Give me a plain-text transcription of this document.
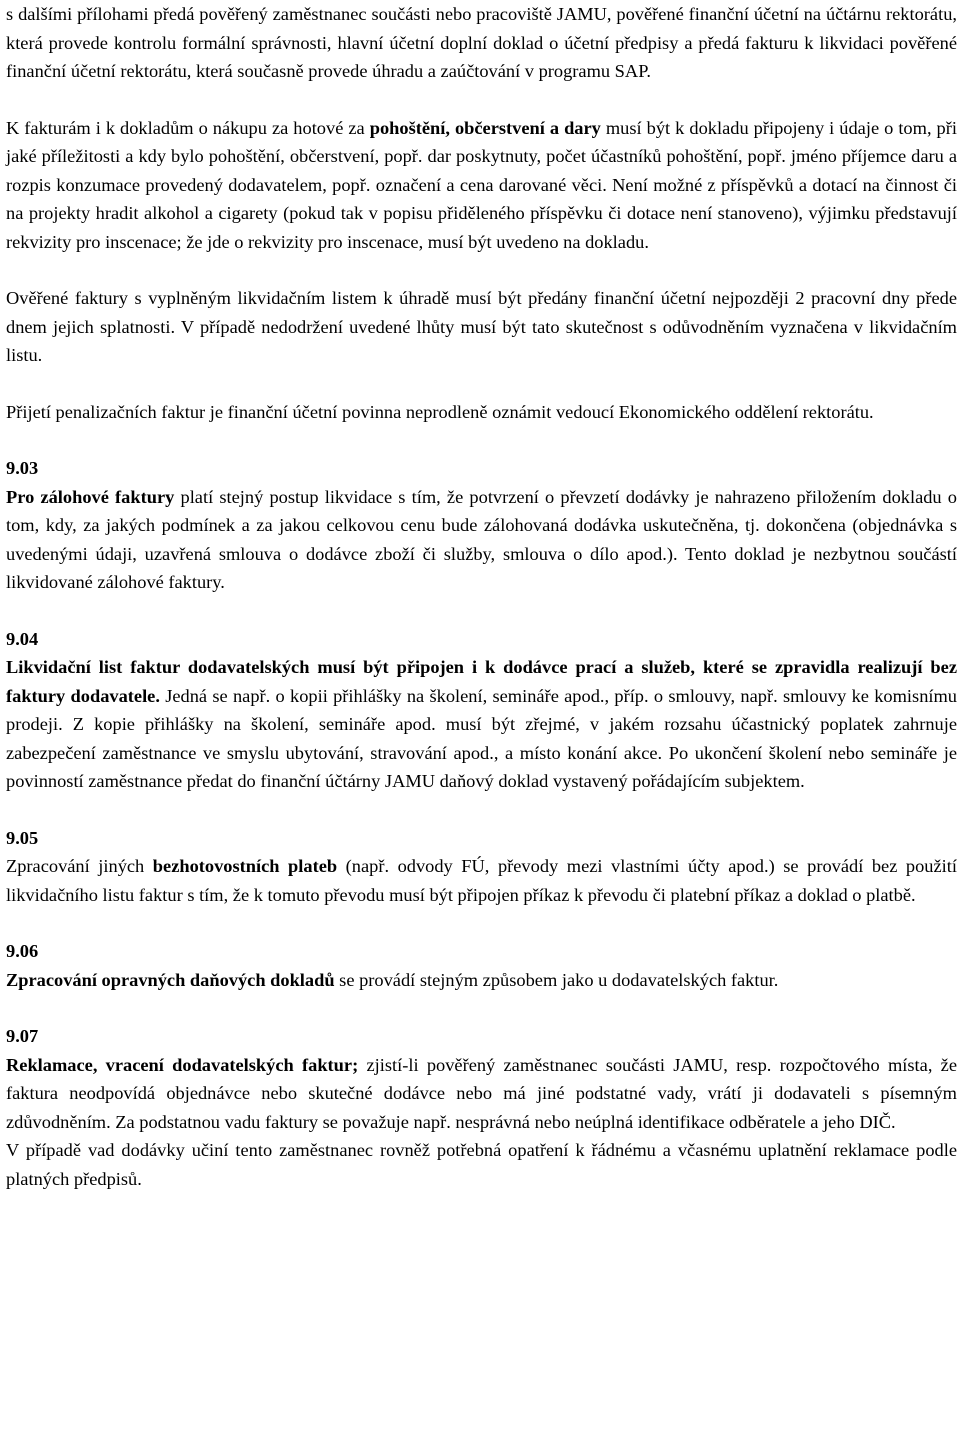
s dalšími přílohami předá pověřený zaměstnanec součásti nebo pracoviště JAMU, pověřené finanční účetní na účtárnu rektorátu, která provede kontrolu formální správnosti, hlavní účetní doplní doklad o účetní předpisy a předá fakturu k likvidaci pověřené finanční účetní rektorátu, která současně provede úhradu a zaúčtování v programu SAP.

K fakturám i k dokladům o nákupu za hotové za pohoštění, občerstvení a dary musí být k dokladu připojeny i údaje o tom, při jaké příležitosti a kdy bylo pohoštění, občerstvení, popř. dar poskytnuty, počet účastníků pohoštění, popř. jméno příjemce daru a rozpis konzumace provedený dodavatelem, popř. označení a cena darované věci. Není možné z příspěvků a dotací na činnost či na projekty hradit alkohol a cigarety (pokud tak v popisu přiděleného příspěvku či dotace není stanoveno), výjimku představují rekvizity pro inscenace; že jde o rekvizity pro inscenace, musí být uvedeno na dokladu.

Ověřené faktury s vyplněným likvidačním listem k úhradě musí být předány finanční účetní nejpozději 2 pracovní dny přede dnem jejich splatnosti. V případě nedodržení uvedené lhůty musí být tato skutečnost s odůvodněním vyznačena v likvidačním listu.

Přijetí penalizačních faktur je finanční účetní povinna neprodleně oznámit vedoucí Ekonomického oddělení rektorátu.

9.03

Pro zálohové faktury platí stejný postup likvidace s tím, že potvrzení o převzetí dodávky je nahrazeno přiložením dokladu o tom, kdy, za jakých podmínek a za jakou celkovou cenu bude zálohovaná dodávka uskutečněna, tj. dokončena (objednávka s uvedenými údaji, uzavřená smlouva o dodávce zboží či služby, smlouva o dílo apod.). Tento doklad je nezbytnou součástí likvidované zálohové faktury.

9.04

Likvidační list faktur dodavatelských musí být připojen i k dodávce prací a služeb, které se zpravidla realizují bez faktury dodavatele. Jedná se např. o kopii přihlášky na školení, semináře apod., příp. o smlouvy, např. smlouvy ke komisnímu prodeji. Z kopie přihlášky na školení, semináře apod. musí být zřejmé, v jakém rozsahu účastnický poplatek zahrnuje zabezpečení zaměstnance ve smyslu ubytování, stravování apod., a místo konání akce. Po ukončení školení nebo semináře je povinností zaměstnance předat do finanční účtárny JAMU daňový doklad vystavený pořádajícím subjektem.

9.05

Zpracování jiných bezhotovostních plateb (např. odvody FÚ, převody mezi vlastními účty apod.) se provádí bez použití likvidačního listu faktur s tím, že k tomuto převodu musí být připojen příkaz k převodu či platební příkaz a doklad o platbě.

9.06

Zpracování opravných daňových dokladů se provádí stejným způsobem jako u dodavatelských faktur.

9.07

Reklamace, vracení dodavatelských faktur; zjistí-li pověřený zaměstnanec součásti JAMU, resp. rozpočtového místa, že faktura neodpovídá objednávce nebo skutečné dodávce nebo má jiné podstatné vady, vrátí ji dodavateli s písemným zdůvodněním. Za podstatnou vadu faktury se považuje např. nesprávná nebo neúplná identifikace odběratele a jeho DIČ.

V případě vad dodávky učiní tento zaměstnanec rovněž potřebná opatření k řádnému a včasnému uplatnění reklamace podle platných předpisů.
